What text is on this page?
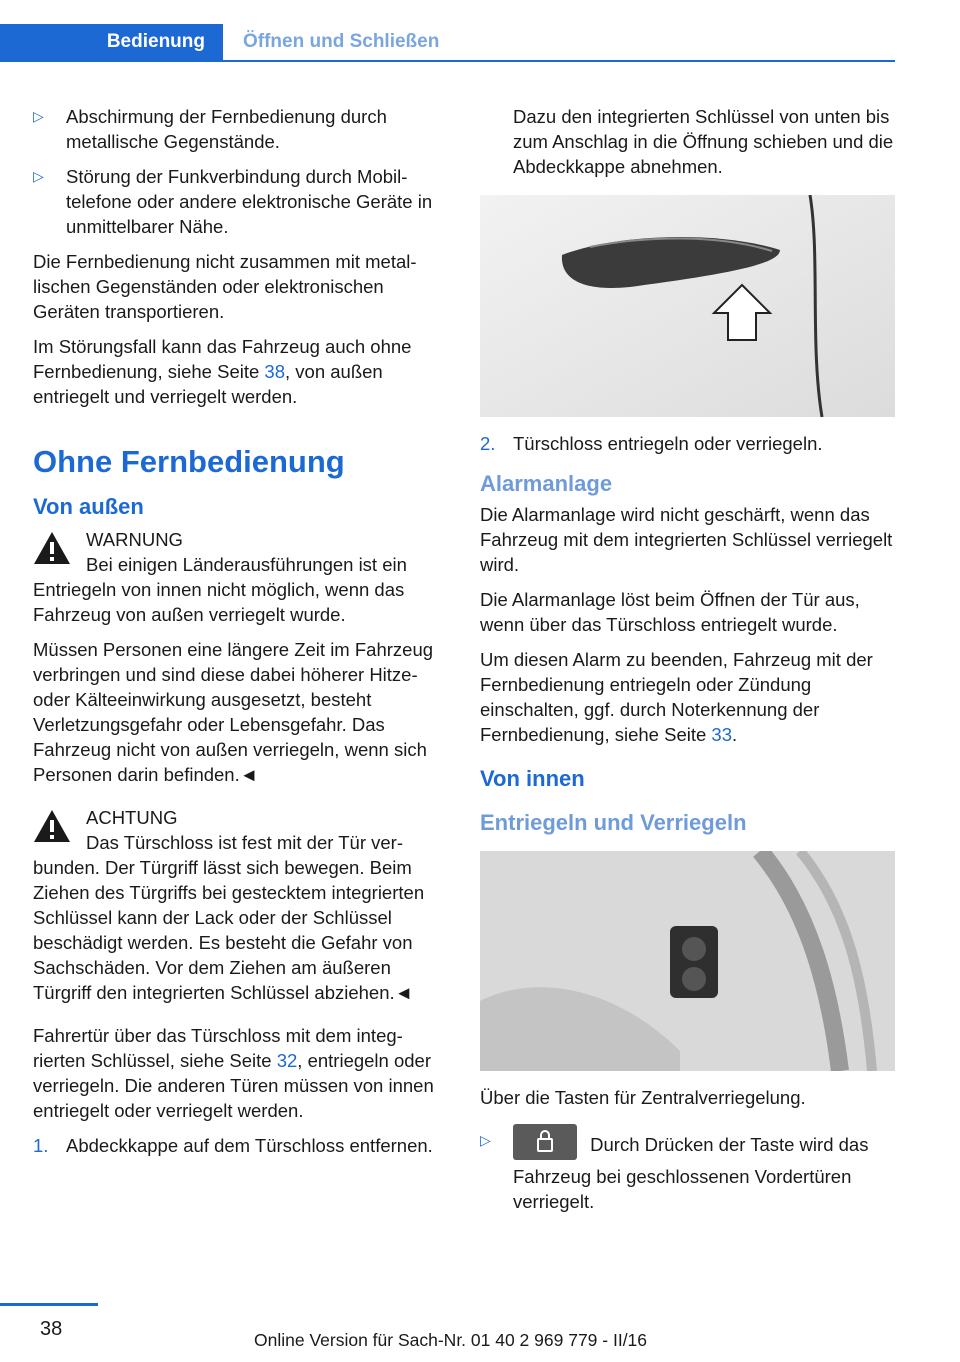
Bedienung	Öffnen und Schließen
▷	Abschirmung der Fernbedienung durch metallische Gegenstände.
▷	Störung der Funkverbindung durch Mobiltelefone oder andere elektronische Geräte in unmittelbarer Nähe.

Die Fernbedienung nicht zusammen mit metallischen Gegenständen oder elektronischen Geräten transportieren.

Im Störungsfall kann das Fahrzeug auch ohne Fernbedienung, siehe Seite 38, von außen entriegelt und verriegelt werden.

Ohne Fernbedienung
Von außen
WARNUNG

Bei einigen Länderausführungen ist ein Entriegeln von innen nicht möglich, wenn das Fahrzeug von außen verriegelt wurde.

Müssen Personen eine längere Zeit im Fahrzeug verbringen und sind diese dabei höherer Hitze- oder Kälteeinwirkung ausgesetzt, besteht Verletzungsgefahr oder Lebensgefahr. Das Fahrzeug nicht von außen verriegeln, wenn sich Personen darin befinden.◄

ACHTUNG

Das Türschloss ist fest mit der Tür verbunden. Der Türgriff lässt sich bewegen. Beim Ziehen des Türgriffs bei gestecktem integrierten Schlüssel kann der Lack oder der Schlüssel beschädigt werden. Es besteht die Gefahr von Sachschäden. Vor dem Ziehen am äußeren Türgriff den integrierten Schlüssel abziehen.◄

Fahrertür über das Türschloss mit dem integrierten Schlüssel, siehe Seite 32, entriegeln oder verriegeln. Die anderen Türen müssen von innen entriegelt oder verriegelt werden.

1. Abdeckkappe auf dem Türschloss entfernen.

Dazu den integrierten Schlüssel von unten bis zum Anschlag in die Öffnung schieben und die Abdeckkappe abnehmen.

2. Türschloss entriegeln oder verriegeln.
Alarmanlage

Die Alarmanlage wird nicht geschärft, wenn das Fahrzeug mit dem integrierten Schlüssel verriegelt wird.

Die Alarmanlage löst beim Öffnen der Tür aus, wenn über das Türschloss entriegelt wurde.

Um diesen Alarm zu beenden, Fahrzeug mit der Fernbedienung entriegeln oder Zündung einschalten, ggf. durch Noterkennung der Fernbedienung, siehe Seite 33.

Von innen
Entriegeln und Verriegeln

Über die Tasten für Zentralverriegelung.

▷	Durch Drücken der Taste wird das Fahrzeug bei geschlossenen Vordertüren verriegelt.
38	Online Version für Sach-Nr. 01 40 2 969 779 - II/16
